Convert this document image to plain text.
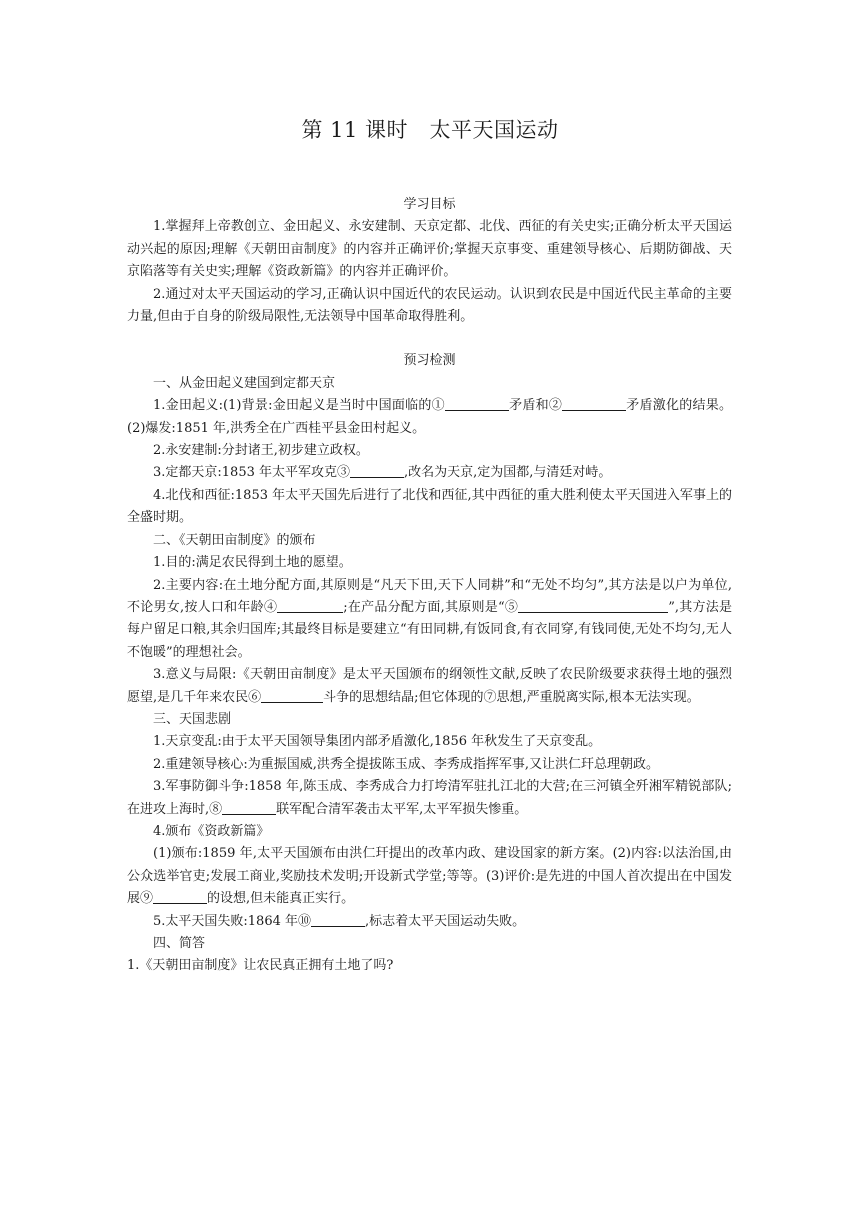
第 11 课时　太平天国运动

学习目标

1.掌握拜上帝教创立、金田起义、永安建制、天京定都、北伐、西征的有关史实;正确分析太平天国运动兴起的原因;理解《天朝田亩制度》的内容并正确评价;掌握天京事变、重建领导核心、后期防御战、天京陷落等有关史实;理解《资政新篇》的内容并正确评价。

2.通过对太平天国运动的学习,正确认识中国近代的农民运动。认识到农民是中国近代民主革命的主要力量,但由于自身的阶级局限性,无法领导中国革命取得胜利。

预习检测

一、从金田起义建国到定都天京

1.金田起义:(1)背景:金田起义是当时中国面临的①	矛盾和②	矛盾激化的结果。(2)爆发:1851 年,洪秀全在广西桂平县金田村起义。

2.永安建制:分封诸王,初步建立政权。

3.定都天京:1853 年太平军攻克③	,改名为天京,定为国都,与清廷对峙。

4.北伐和西征:1853 年太平天国先后进行了北伐和西征,其中西征的重大胜利使太平天国进入军事上的全盛时期。

二、《天朝田亩制度》的颁布

1.目的:满足农民得到土地的愿望。

2.主要内容:在土地分配方面,其原则是“凡天下田,天下人同耕”和“无处不均匀”,其方法是以户为单位,不论男女,按人口和年龄④	;在产品分配方面,其原则是“⑤	”,其方法是每户留足口粮,其余归国库;其最终目标是要建立“有田同耕,有饭同食,有衣同穿,有钱同使,无处不均匀,无人不饱暖”的理想社会。

3.意义与局限:《天朝田亩制度》是太平天国颁布的纲领性文献,反映了农民阶级要求获得土地的强烈愿望,是几千年来农民⑥	斗争的思想结晶;但它体现的⑦思想,严重脱离实际,根本无法实现。

三、天国悲剧

1.天京变乱:由于太平天国领导集团内部矛盾激化,1856 年秋发生了天京变乱。

2.重建领导核心:为重振国威,洪秀全提拔陈玉成、李秀成指挥军事,又让洪仁玕总理朝政。

3.军事防御斗争:1858 年,陈玉成、李秀成合力打垮清军驻扎江北的大营;在三河镇全歼湘军精锐部队;在进攻上海时,⑧	联军配合清军袭击太平军,太平军损失惨重。

4.颁布《资政新篇》

(1)颁布:1859 年,太平天国颁布由洪仁玕提出的改革内政、建设国家的新方案。(2)内容:以法治国,由公众选举官吏;发展工商业,奖励技术发明;开设新式学堂;等等。(3)评价:是先进的中国人首次提出在中国发展⑨	的设想,但未能真正实行。

5.太平天国失败:1864 年⑩	,标志着太平天国运动失败。

四、简答

1.《天朝田亩制度》让农民真正拥有土地了吗?
